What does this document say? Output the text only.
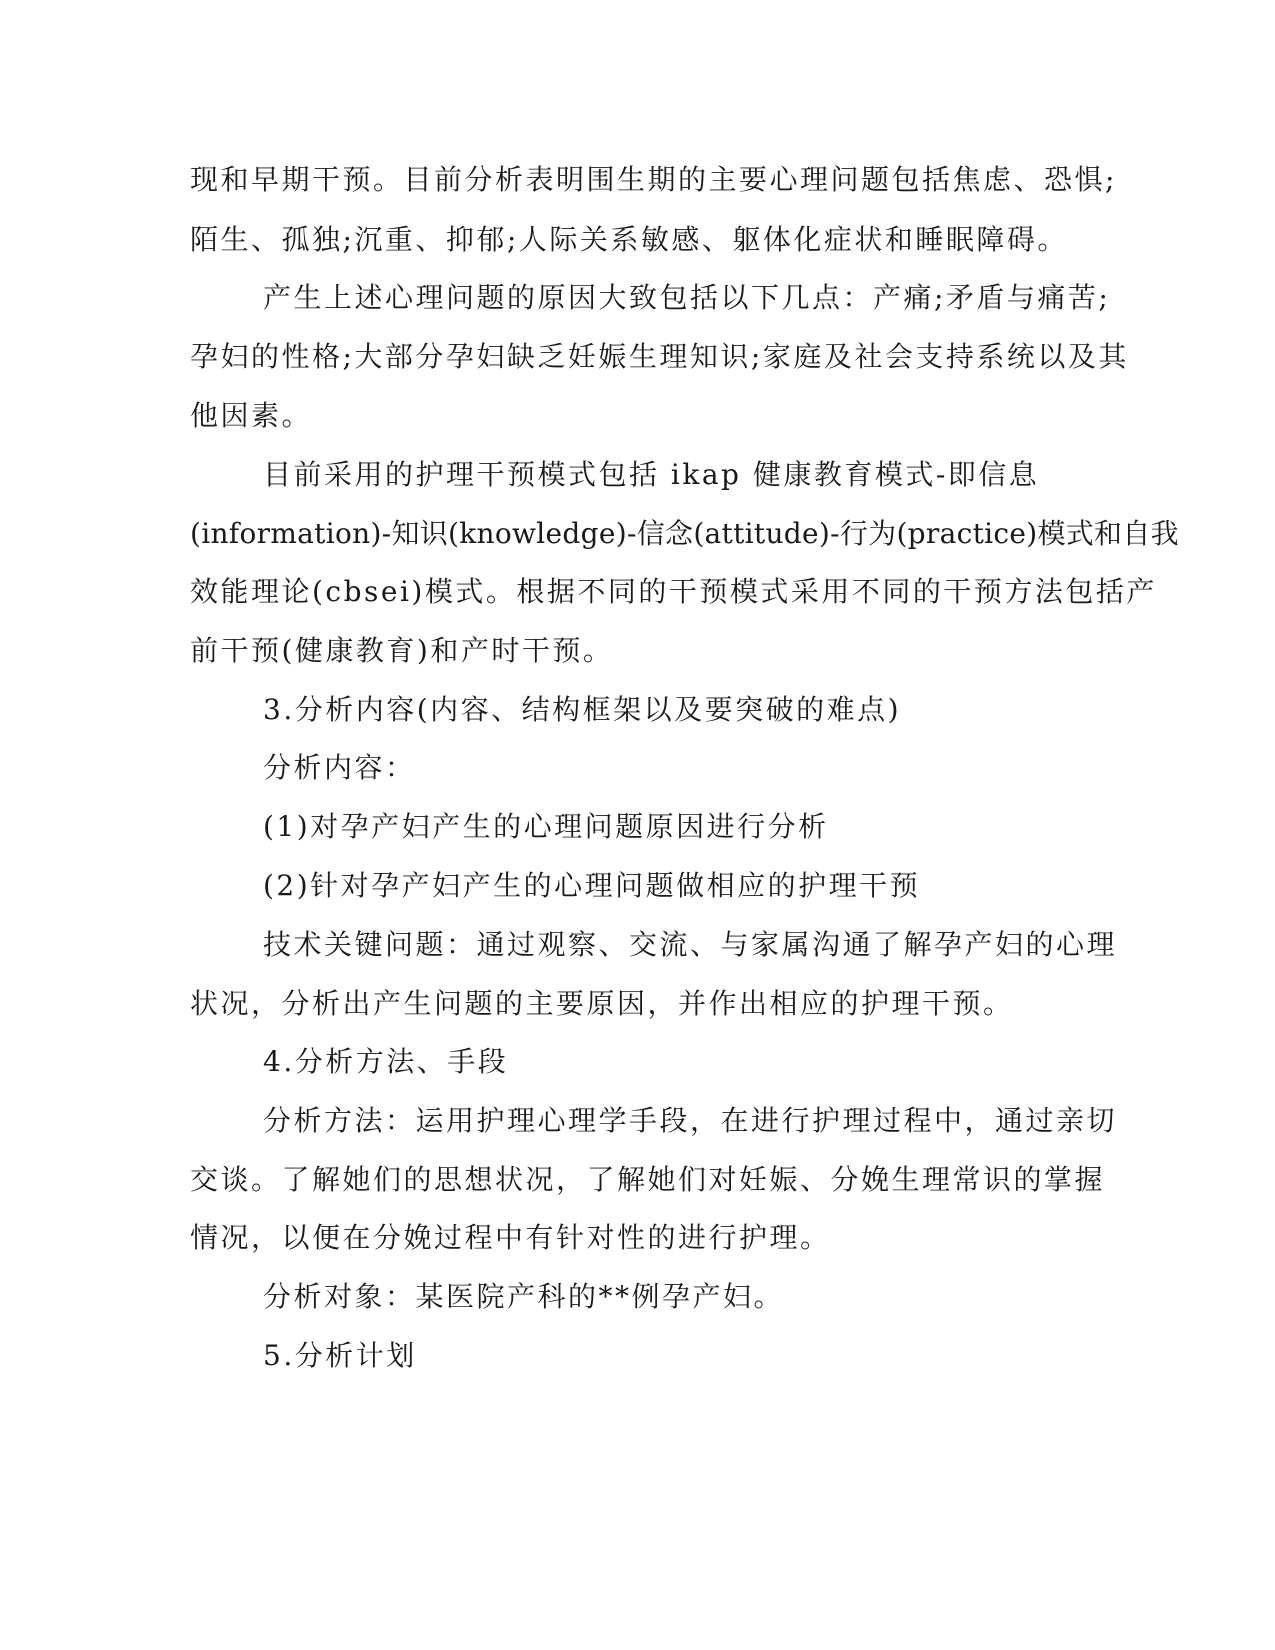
现和早期干预。目前分析表明围生期的主要心理问题包括焦虑、恐惧;
陌生、孤独;沉重、抑郁;人际关系敏感、躯体化症状和睡眠障碍。
产生上述心理问题的原因大致包括以下几点：产痛;矛盾与痛苦;
孕妇的性格;大部分孕妇缺乏妊娠生理知识;家庭及社会支持系统以及其
他因素。
目前采用的护理干预模式包括 ikap 健康教育模式-即信息
(information)-知识(knowledge)-信念(attitude)-行为(practice)模式和自我
效能理论(cbsei)模式。根据不同的干预模式采用不同的干预方法包括产
前干预(健康教育)和产时干预。
3.分析内容(内容、结构框架以及要突破的难点)
分析内容：
(1)对孕产妇产生的心理问题原因进行分析
(2)针对孕产妇产生的心理问题做相应的护理干预
技术关键问题：通过观察、交流、与家属沟通了解孕产妇的心理
状况，分析出产生问题的主要原因，并作出相应的护理干预。
4.分析方法、手段
分析方法：运用护理心理学手段，在进行护理过程中，通过亲切
交谈。了解她们的思想状况，了解她们对妊娠、分娩生理常识的掌握
情况，以便在分娩过程中有针对性的进行护理。
分析对象：某医院产科的**例孕产妇。
5.分析计划
